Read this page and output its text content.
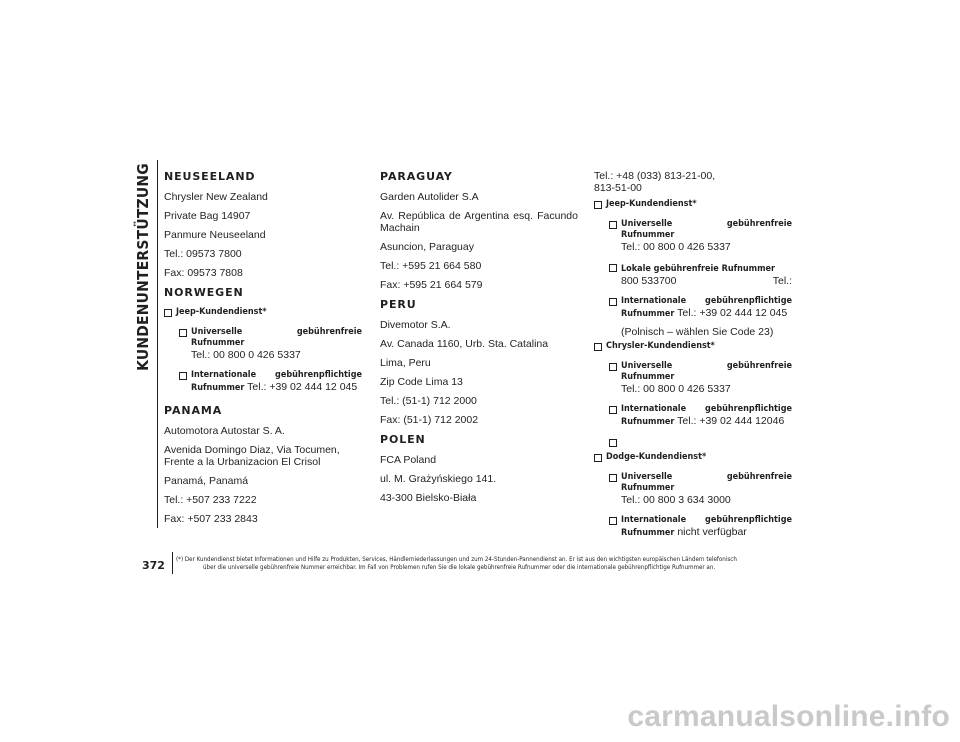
KUNDENUNTERSTÜTZUNG NEUSEELAND

Chrysler New Zealand

Private Bag 14907

Panmure Neuseeland

Tel.: 09573 7800

Fax: 09573 7808

NORWEGEN
Jeep-Kundendienst*
Universelle gebührenfreie Rufnummer
Tel.: 00 800 0 426 5337
Internationale gebührenpflichtige
Rufnummer Tel.: +39 02 444 12 045
PANAMA

Automotora Autostar S. A.

Avenida Domingo Diaz, Via Tocumen, Frente a la Urbanizacion El Crisol

Panamá, Panamá

Tel.: +507 233 7222

Fax: +507 233 2843

PARAGUAY

Garden Autolider S.A

Av. República de Argentina esq. Facundo Machain

Asuncion, Paraguay

Tel.: +595 21 664 580

Fax: +595 21 664 579

PERU

Divemotor S.A.

Av. Canada 1160, Urb. Sta. Catalina

Lima, Peru

Zip Code Lima 13

Tel.: (51-1) 712 2000

Fax: (51-1) 712 2002

POLEN

FCA Poland

ul. M. Grażyńskiego 141.

43-300 Bielsko-Biała

Tel.: +48 (033) 813-21-00,
813-51-00

Jeep-Kundendienst*
Universelle gebührenfreie Rufnummer
Tel.: 00 800 0 426 5337
Lokale gebührenfreie Rufnummer
Tel.:
800 533700
Internationale gebührenpflichtige
Rufnummer Tel.: +39 02 444 12 045

(Polnisch – wählen Sie Code 23)

Chrysler-Kundendienst*
Universelle gebührenfreie Rufnummer
Tel.: 00 800 0 426 5337
Internationale gebührenpflichtige
Rufnummer Tel.: +39 02 444 12046
Dodge-Kundendienst*
Universelle gebührenfreie Rufnummer
Tel.: 00 800 3 634 3000
Internationale gebührenpflichtige
Rufnummer nicht verfügbar
372 (*) Der Kundendienst bietet Informationen und Hilfe zu Produkten, Services, Händlerniederlassungen und zum 24-Stunden-Pannendienst an. Er ist aus den wichtigsten europäischen Ländern telefonisch
über die universelle gebührenfreie Nummer erreichbar. Im Fall von Problemen rufen Sie die lokale gebührenfreie Rufnummer oder die internationale gebührenpflichtige Rufnummer an.
carmanualsonline.info
